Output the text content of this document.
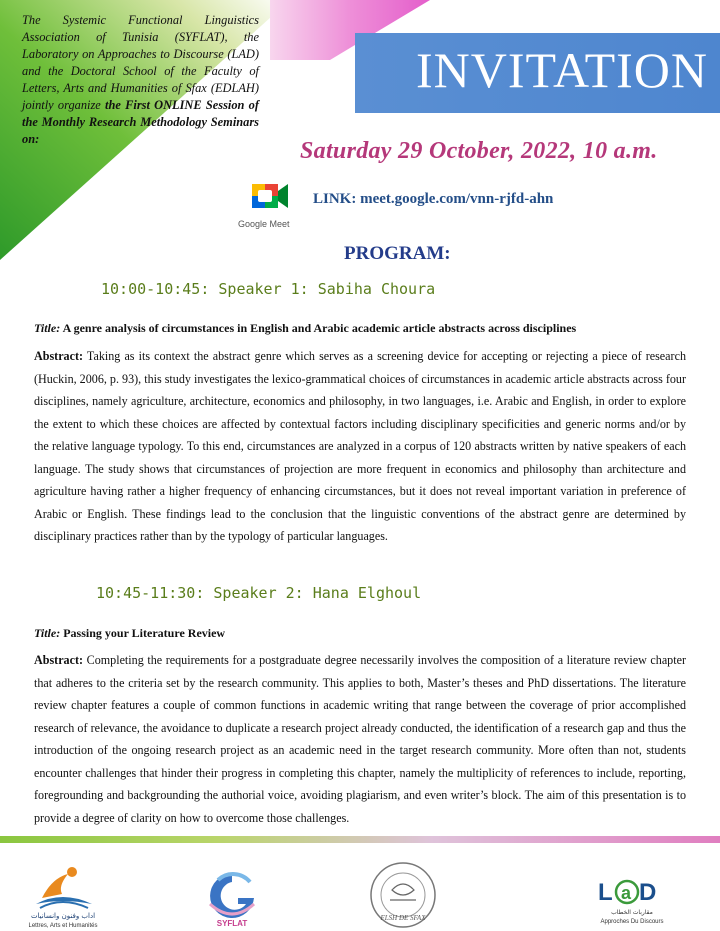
The Systemic Functional Linguistics Association of Tunisia (SYFLAT), the Laboratory on Approaches to Discourse (LAD) and the Doctoral School of the Faculty of Letters, Arts and Humanities of Sfax (EDLAH) jointly organize the First ONLINE Session of the Monthly Research Methodology Seminars on:
INVITATION
Saturday 29 October, 2022, 10 a.m.
Google Meet
LINK: meet.google.com/vnn-rjfd-ahn
PROGRAM:
10:00-10:45: Speaker 1: Sabiha Choura
Title: A genre analysis of circumstances in English and Arabic academic article abstracts across disciplines
Abstract: Taking as its context the abstract genre which serves as a screening device for accepting or rejecting a piece of research (Huckin, 2006, p. 93), this study investigates the lexico-grammatical choices of circumstances in academic article abstracts across four disciplines, namely agriculture, architecture, economics and philosophy, in two languages, i.e. Arabic and English, in order to explore the extent to which these choices are affected by contextual factors including disciplinary specificities and generic norms and/or by the relative language typology. To this end, circumstances are analyzed in a corpus of 120 abstracts written by native speakers of each language. The study shows that circumstances of projection are more frequent in economics and philosophy than architecture and agriculture having rather a higher frequency of enhancing circumstances, but it does not reveal important variation in preference of Arabic or English. These findings lead to the conclusion that the linguistic conventions of the abstract genre are determined by disciplinary practices rather than by the typology of particular languages.
10:45-11:30: Speaker 2: Hana Elghoul
Title: Passing your Literature Review
Abstract: Completing the requirements for a postgraduate degree necessarily involves the composition of a literature review chapter that adheres to the criteria set by the research community. This applies to both, Master’s theses and PhD dissertations. The literature review chapter features a couple of common functions in academic writing that range between the coverage of prior accomplished research of relevance, the avoidance to duplicate a research project already conducted, the identification of a research gap and thus the introduction of the ongoing research project as an academic need in the target research community. More often than not, students encounter challenges that hinder their progress in completing this chapter, namely the multiplicity of references to include, reporting, foregrounding and backgrounding the authorial voice, avoiding plagiarism, and even writer’s block. The aim of this presentation is to provide a degree of clarity on how to overcome those challenges.
اداب وفنون وانسانيات
Lettres, Arts et Humanités	SYFLAT
FLSH DE SFAX
L a D
مقاربات الخطاب
Approches Du Discours
